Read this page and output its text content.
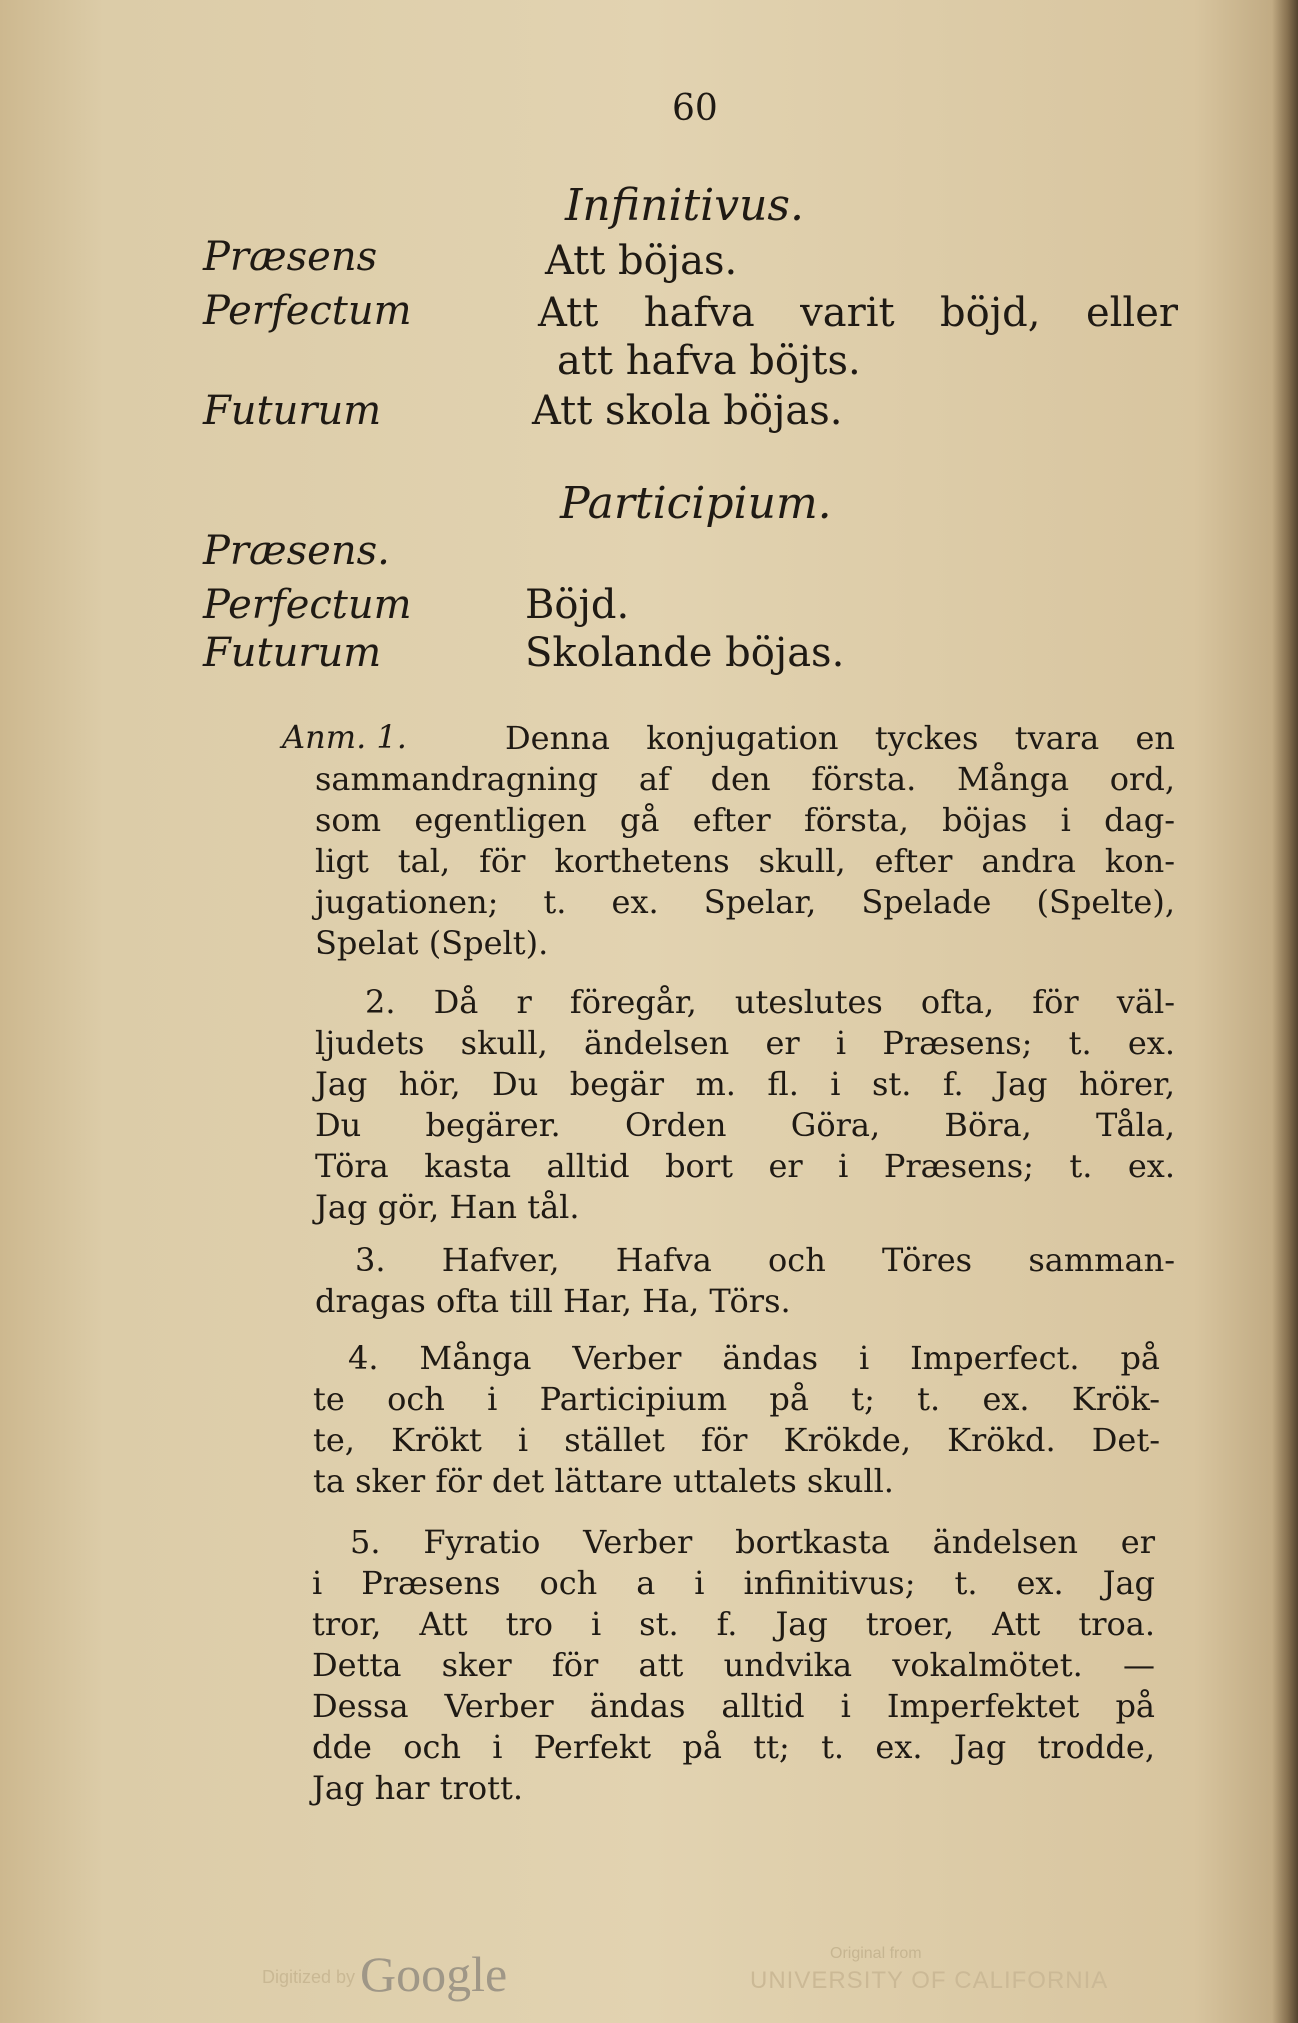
60
Infinitivus.
Præsens	Att böjas.
Perfectum	Att hafva varit böjd, eller
att hafva böjts.
Futurum	Att skola böjas.
Participium.
Præsens.
Perfectum	Böjd.
Futurum	Skolande böjas.
Anm. 1.	Denna konjugation tyckes tvara en
sammandragning af den första. Många ord,
som egentligen gå efter första, böjas i dag-
ligt tal, för korthetens skull, efter andra kon-
jugationen; t. ex. Spelar, Spelade (Spelte),
Spelat (Spelt).
2. Då r föregår, uteslutes ofta, för väl-
ljudets skull, ändelsen er i Præsens; t. ex.
Jag hör, Du begär m. fl. i st. f. Jag hörer,
Du begärer. Orden Göra, Böra, Tåla,
Töra kasta alltid bort er i Præsens; t. ex.
Jag gör, Han tål.
3. Hafver, Hafva och Töres samman-
dragas ofta till Har, Ha, Törs.
4. Många Verber ändas i Imperfect. på
te och i Participium på t; t. ex. Krök-
te, Krökt i stället för Krökde, Krökd. Det-
ta sker för det lättare uttalets skull.
5. Fyratio Verber bortkasta ändelsen er
i Præsens och a i infinitivus; t. ex. Jag
tror, Att tro i st. f. Jag troer, Att troa.
Detta sker för att undvika vokalmötet. —
Dessa Verber ändas alltid i Imperfektet på
dde och i Perfekt på tt; t. ex. Jag trodde,
Jag har trott.
Digitized by Google	Original from
UNIVERSITY OF CALIFORNIA
